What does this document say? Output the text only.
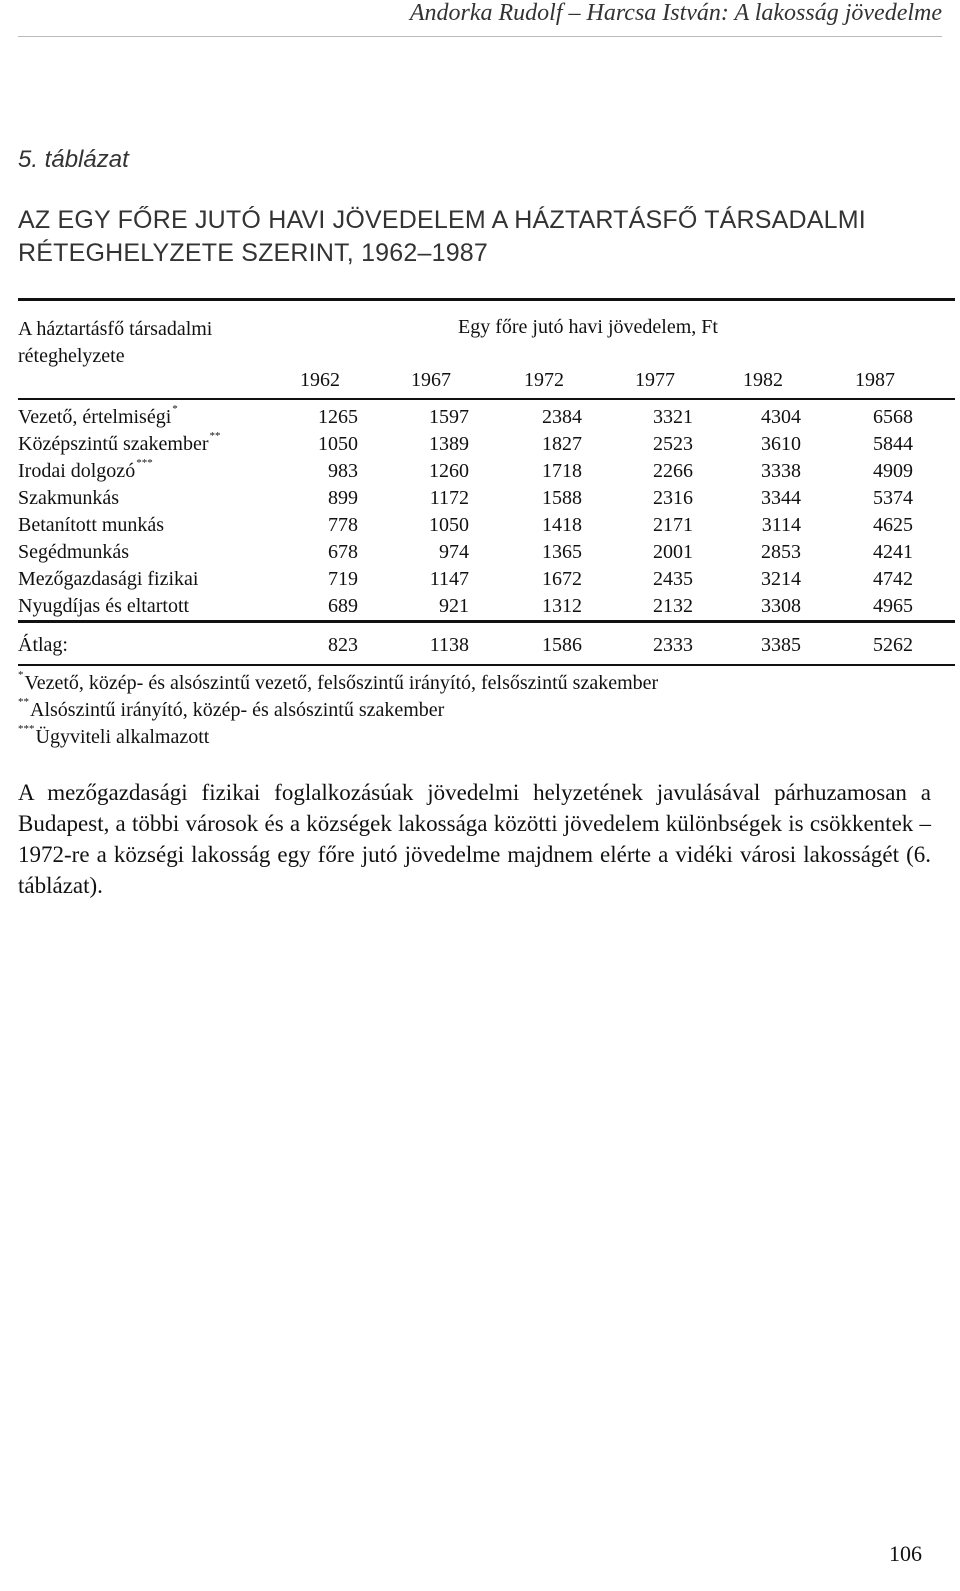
Andorka Rudolf – Harcsa István: A lakosság jövedelme
5. táblázat
AZ EGY FŐRE JUTÓ HAVI JÖVEDELEM A HÁZTARTÁSFŐ TÁRSADALMI RÉTEGHELYZETE SZERINT, 1962–1987
A háztartásfő társadalmi réteghelyzete
Egy főre jutó havi jövedelem, Ft
1962	1967	1972	1977	1982	1987
Vezető, értelmiségi*	1265	1597	2384	3321	4304	6568
Középszintű szakember**	1050	1389	1827	2523	3610	5844
Irodai dolgozó***	983	1260	1718	2266	3338	4909
Szakmunkás	899	1172	1588	2316	3344	5374
Betanított munkás	778	1050	1418	2171	3114	4625
Segédmunkás	678	974	1365	2001	2853	4241
Mezőgazdasági fizikai	719	1147	1672	2435	3214	4742
Nyugdíjas és eltartott	689	921	1312	2132	3308	4965
Átlag:	823	1138	1586	2333	3385	5262
*Vezető, közép- és alsószintű vezető, felsőszintű irányító, felsőszintű szakember
**Alsószintű irányító, közép- és alsószintű szakember
***Ügyviteli alkalmazott
A mezőgazdasági fizikai foglalkozásúak jövedelmi helyzetének javulásával párhuzamosan a Budapest, a többi városok és a községek lakossága közötti jövedelem különbségek is csökkentek – 1972-re a községi lakosság egy főre jutó jövedelme majdnem elérte a vidéki városi lakosságét (6. táblázat).
106
